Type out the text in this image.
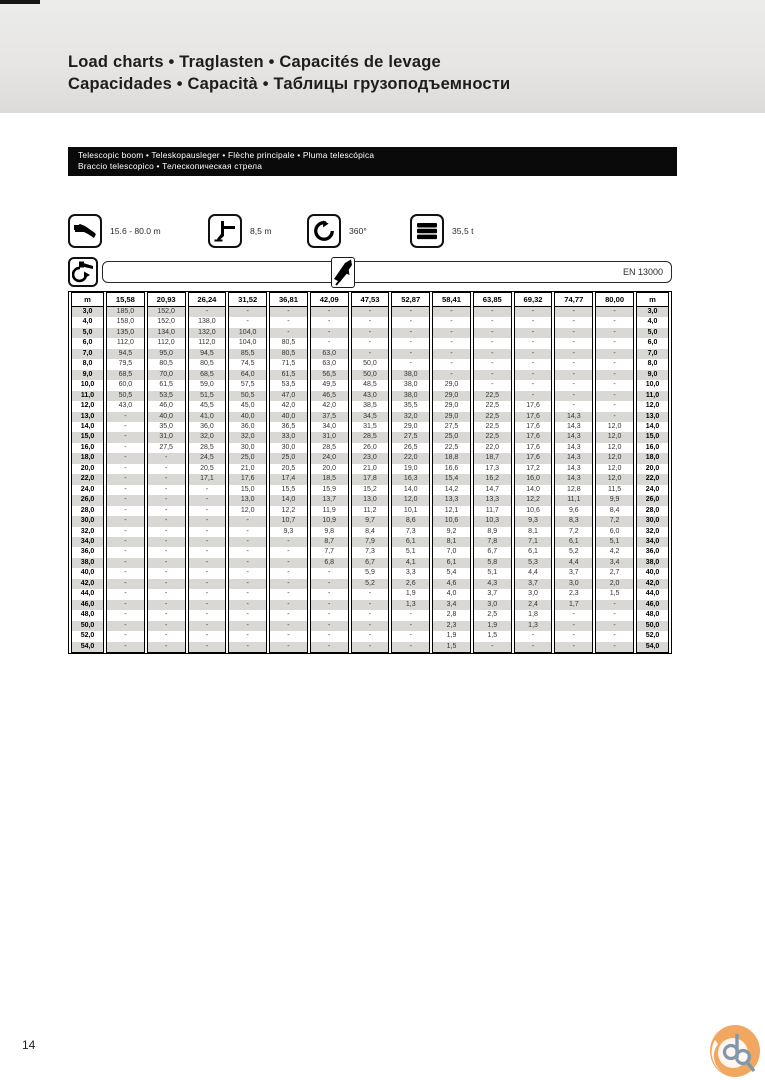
Load charts • Traglasten • Capacités de levage
Capacidades • Capacità • Таблицы грузоподъемности
Telescopic boom • Teleskopausleger • Flèche principale • Pluma telescópica
Braccio telescopico • Телескопическая стрела
15.6 - 80.0 m	8,5 m	360°	35,5 t
EN 13000
m	15,58	20,93	26,24	31,52	36,81	42,09	47,53	52,87	58,41	63,85	69,32	74,77	80,00	m
3,0	185,0	152,0	-	-	-	-	-	-	-	-	-	-	-	3,0
4,0	158,0	152,0	138,0	-	-	-	-	-	-	-	-	-	-	4,0
5,0	135,0	134,0	132,0	104,0	-	-	-	-	-	-	-	-	-	5,0
6,0	112,0	112,0	112,0	104,0	80,5	-	-	-	-	-	-	-	-	6,0
7,0	94,5	95,0	94,5	85,5	80,5	63,0	-	-	-	-	-	-	-	7,0
8,0	79,5	80,5	80,5	74,5	71,5	63,0	50,0	-	-	-	-	-	-	8,0
9,0	68,5	70,0	68,5	64,0	61,5	56,5	50,0	38,0	-	-	-	-	-	9,0
10,0	60,0	61,5	59,0	57,5	53,5	49,5	48,5	38,0	29,0	-	-	-	-	10,0
11,0	50,5	53,5	51,5	50,5	47,0	46,5	43,0	38,0	29,0	22,5	-	-	-	11,0
12,0	43,0	46,0	45,5	45,0	42,0	42,0	38,5	35,5	29,0	22,5	17,6	-	-	12,0
13,0	-	40,0	41,0	40,0	40,0	37,5	34,5	32,0	29,0	22,5	17,6	14,3	-	13,0
14,0	-	35,0	36,0	36,0	36,5	34,0	31,5	29,0	27,5	22,5	17,6	14,3	12,0	14,0
15,0	-	31,0	32,0	32,0	33,0	31,0	28,5	27,5	25,0	22,5	17,6	14,3	12,0	15,0
16,0	-	27,5	28,5	30,0	30,0	28,5	26,0	26,5	22,5	22,0	17,6	14,3	12,0	16,0
18,0	-	-	24,5	25,0	25,0	24,0	23,0	22,0	18,8	18,7	17,6	14,3	12,0	18,0
20,0	-	-	20,5	21,0	20,5	20,0	21,0	19,0	16,6	17,3	17,2	14,3	12,0	20,0
22,0	-	-	17,1	17,6	17,4	18,5	17,8	16,3	15,4	16,2	16,0	14,3	12,0	22,0
24,0	-	-	-	15,0	15,5	15,9	15,2	14,0	14,2	14,7	14,0	12,8	11,5	24,0
26,0	-	-	-	13,0	14,0	13,7	13,0	12,0	13,3	13,3	12,2	11,1	9,9	26,0
28,0	-	-	-	12,0	12,2	11,9	11,2	10,1	12,1	11,7	10,6	9,6	8,4	28,0
30,0	-	-	-	-	10,7	10,9	9,7	8,6	10,6	10,3	9,3	8,3	7,2	30,0
32,0	-	-	-	-	9,3	9,8	8,4	7,3	9,2	8,9	8,1	7,2	6,0	32,0
34,0	-	-	-	-	-	8,7	7,9	6,1	8,1	7,8	7,1	6,1	5,1	34,0
36,0	-	-	-	-	-	7,7	7,3	5,1	7,0	6,7	6,1	5,2	4,2	36,0
38,0	-	-	-	-	-	6,8	6,7	4,1	6,1	5,8	5,3	4,4	3,4	38,0
40,0	-	-	-	-	-	-	5,9	3,3	5,4	5,1	4,4	3,7	2,7	40,0
42,0	-	-	-	-	-	-	5,2	2,6	4,6	4,3	3,7	3,0	2,0	42,0
44,0	-	-	-	-	-	-	-	1,9	4,0	3,7	3,0	2,3	1,5	44,0
46,0	-	-	-	-	-	-	-	1,3	3,4	3,0	2,4	1,7	-	46,0
48,0	-	-	-	-	-	-	-	-	2,8	2,5	1,8	-	-	48,0
50,0	-	-	-	-	-	-	-	-	2,3	1,9	1,3	-	-	50,0
52,0	-	-	-	-	-	-	-	-	1,9	1,5	-	-	-	52,0
54,0	-	-	-	-	-	-	-	-	1,5	-	-	-	-	54,0
14
